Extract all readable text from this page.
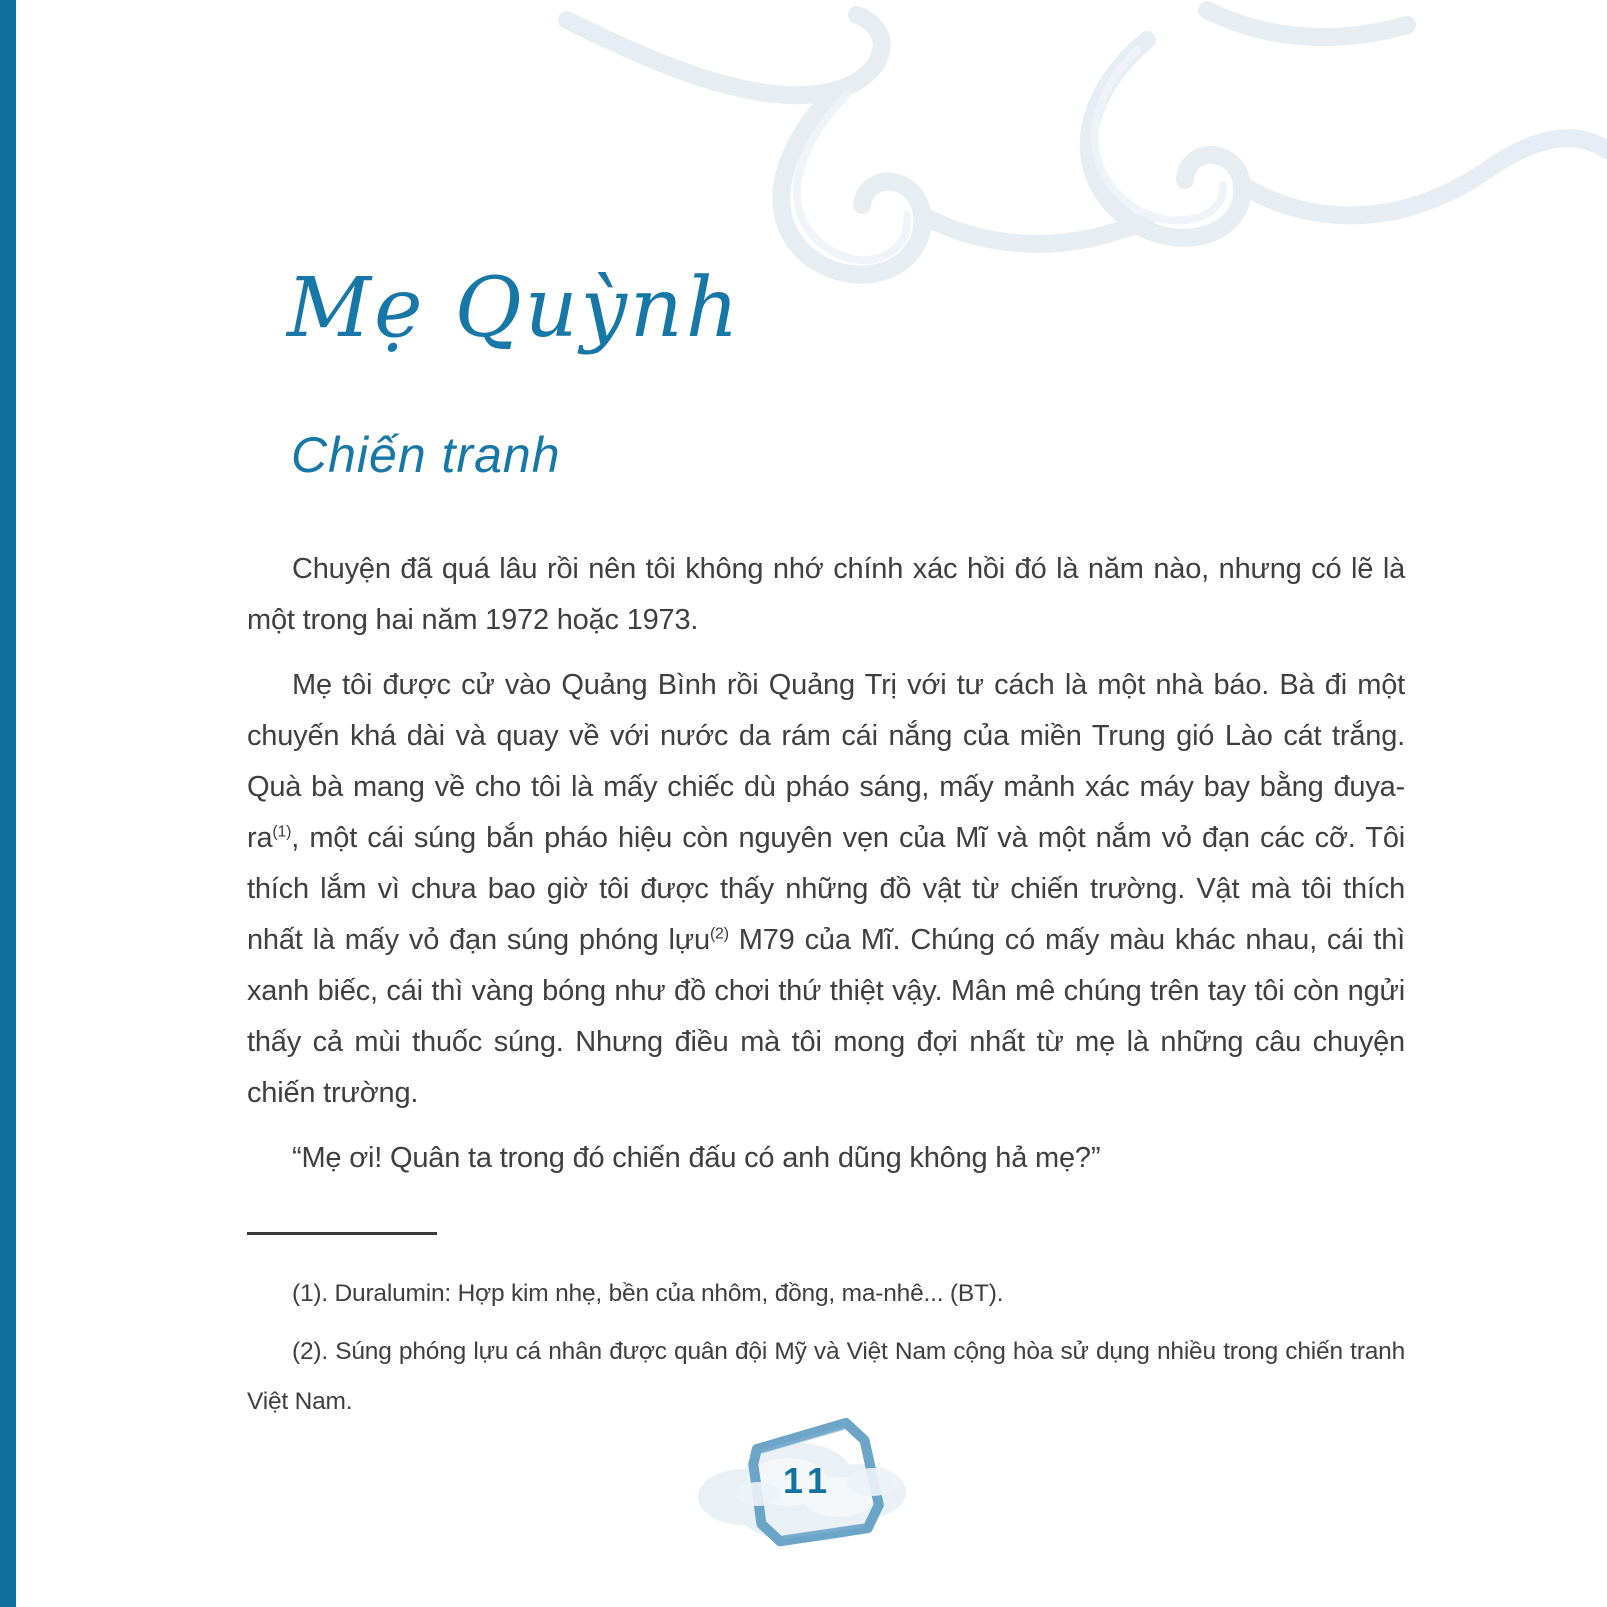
Mẹ Quỳnh
Chiến tranh

Chuyện đã quá lâu rồi nên tôi không nhớ chính xác hồi đó là năm nào, nhưng có lẽ là một trong hai năm 1972 hoặc 1973.

Mẹ tôi được cử vào Quảng Bình rồi Quảng Trị với tư cách là một nhà báo. Bà đi một chuyến khá dài và quay về với nước da rám cái nắng của miền Trung gió Lào cát trắng. Quà bà mang về cho tôi là mấy chiếc dù pháo sáng, mấy mảnh xác máy bay bằng đuya-ra$^{(1)}$, một cái súng bắn pháo hiệu còn nguyên vẹn của Mĩ và một nắm vỏ đạn các cỡ. Tôi thích lắm vì chưa bao giờ tôi được thấy những đồ vật từ chiến trường. Vật mà tôi thích nhất là mấy vỏ đạn súng phóng lựu$^{(2)}$ M79 của Mĩ. Chúng có mấy màu khác nhau, cái thì xanh biếc, cái thì vàng bóng như đồ chơi thứ thiệt vậy. Mân mê chúng trên tay tôi còn ngửi thấy cả mùi thuốc súng. Nhưng điều mà tôi mong đợi nhất từ mẹ là những câu chuyện chiến trường.

“Mẹ ơi! Quân ta trong đó chiến đấu có anh dũng không hả mẹ?”

(1). Duralumin: Hợp kim nhẹ, bền của nhôm, đồng, ma-nhê... (BT).

(2). Súng phóng lựu cá nhân được quân đội Mỹ và Việt Nam cộng hòa sử dụng nhiều trong chiến tranh Việt Nam.

11
